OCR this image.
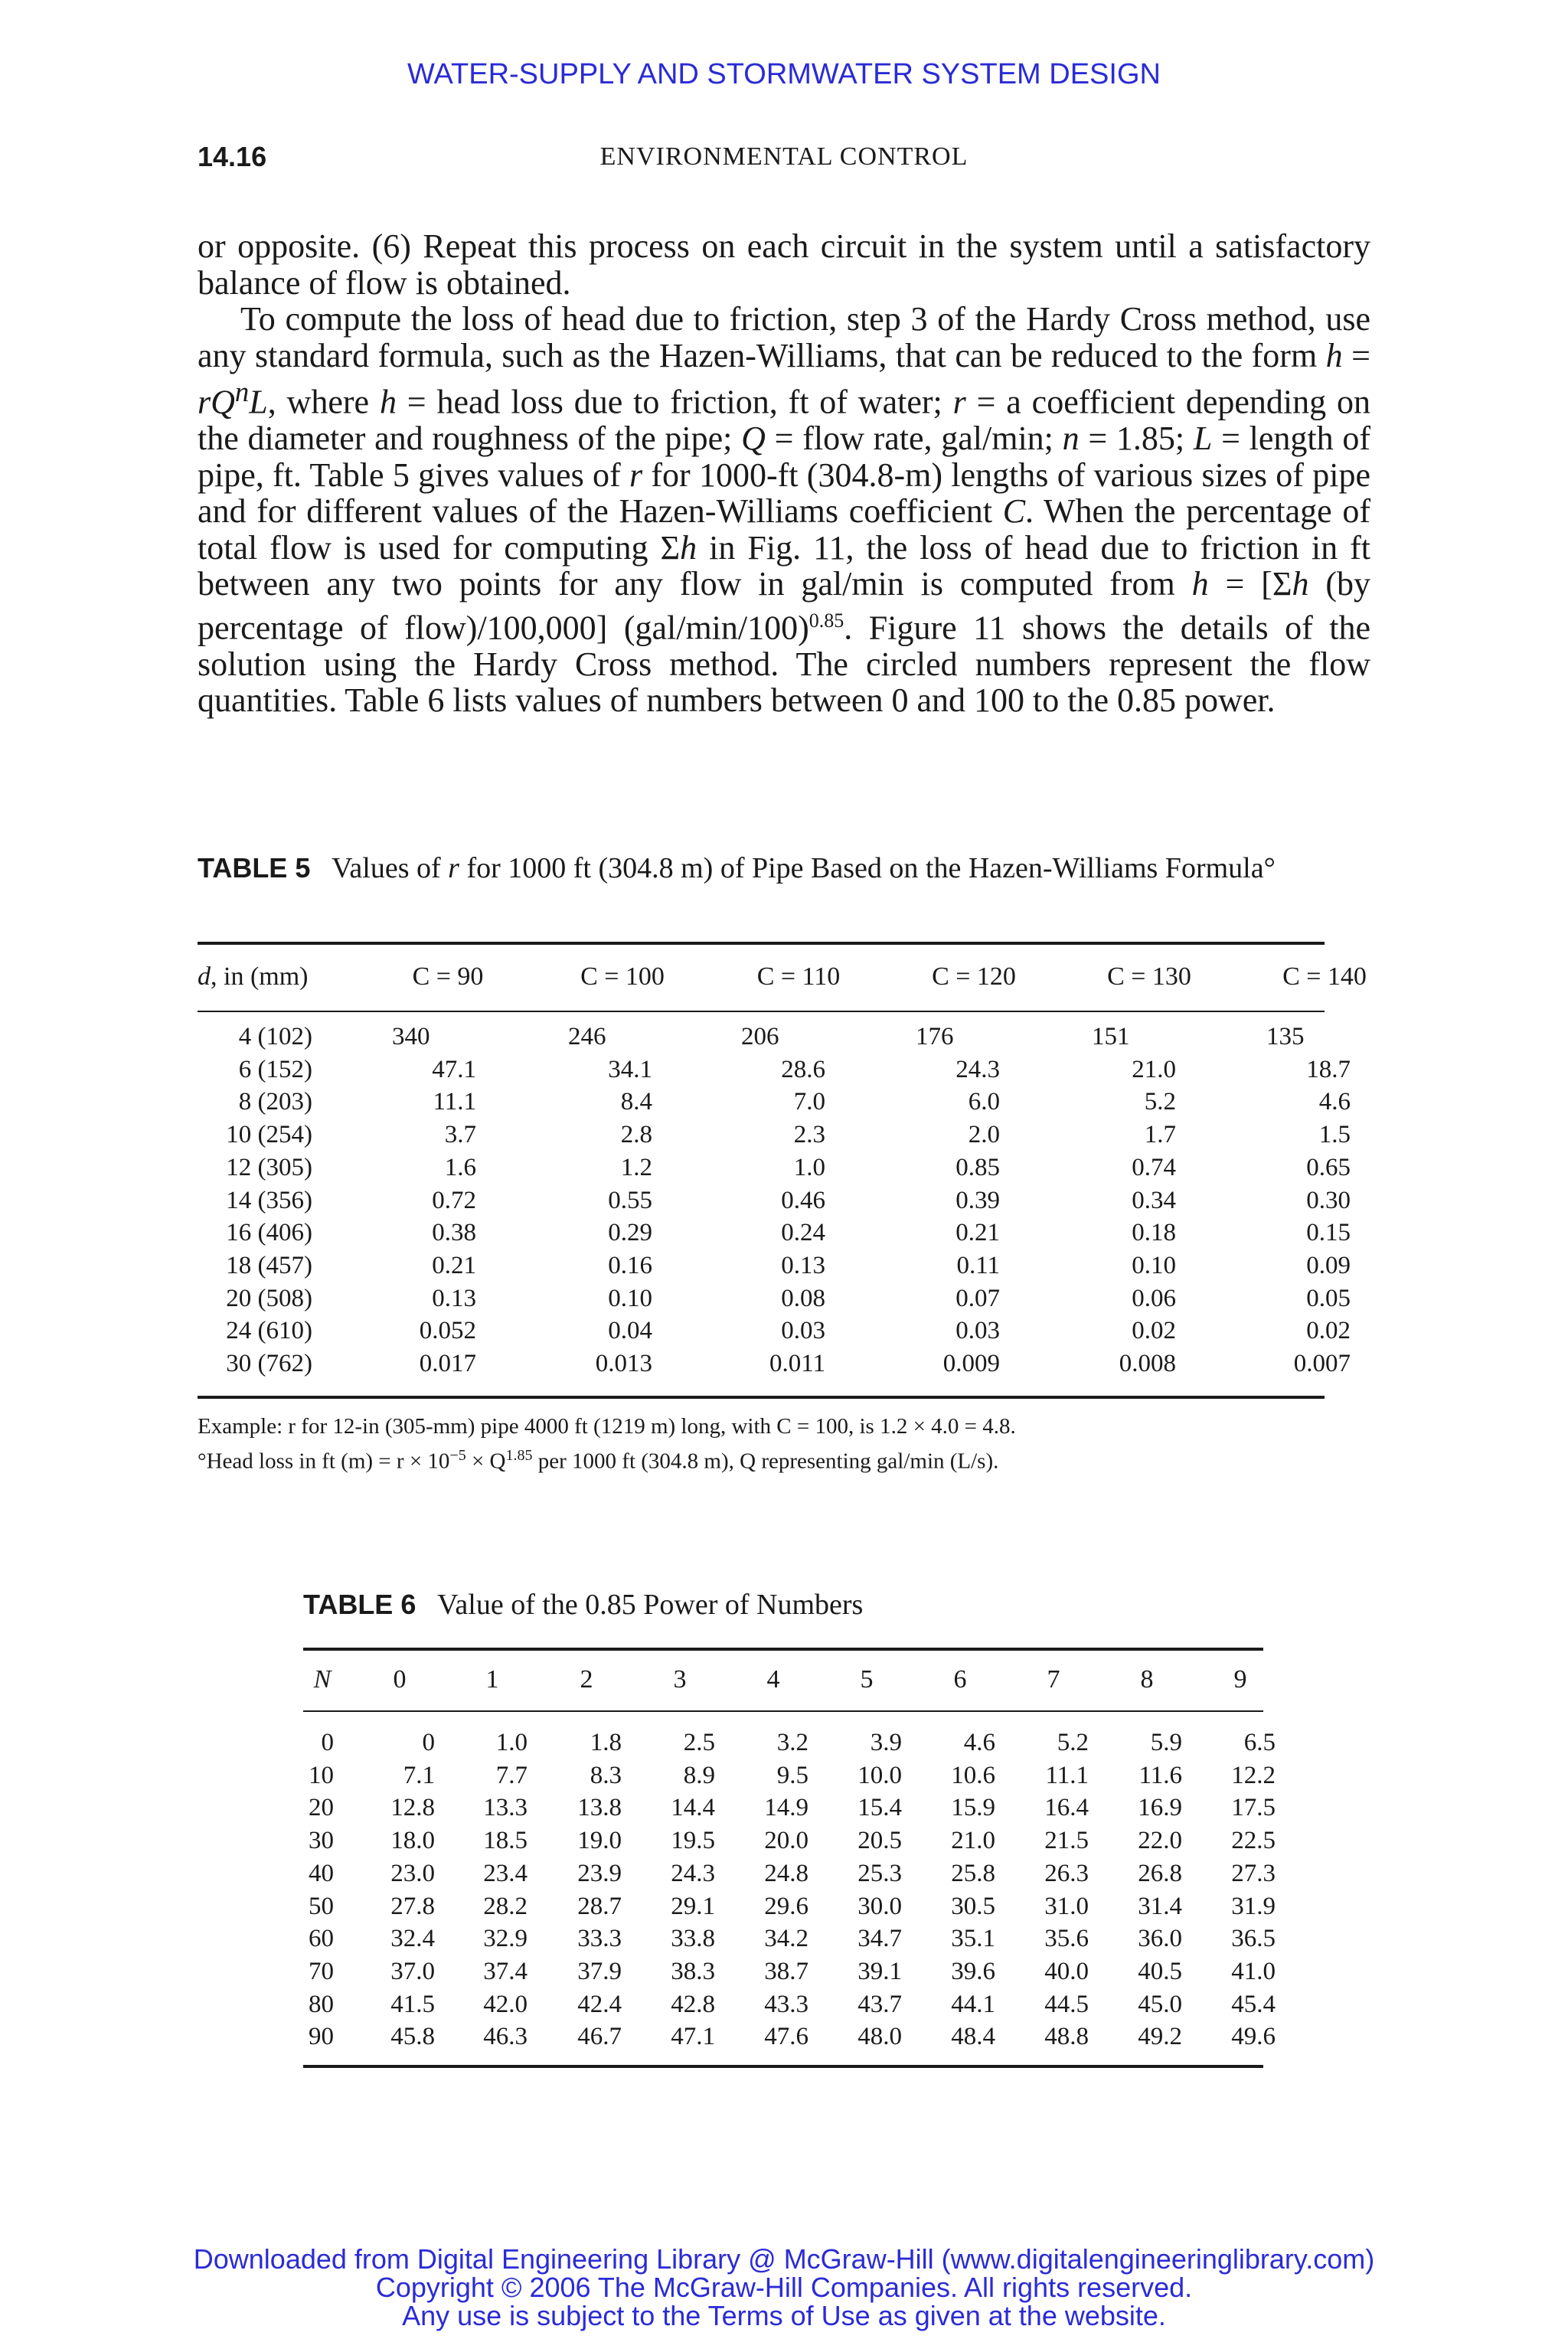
WATER-SUPPLY AND STORMWATER SYSTEM DESIGN
14.16	ENVIRONMENTAL CONTROL

or opposite. (6) Repeat this process on each circuit in the system until a satisfactory balance of flow is obtained.

To compute the loss of head due to friction, step 3 of the Hardy Cross method, use any standard formula, such as the Hazen-Williams, that can be reduced to the form $h = rQ^nL$, where h = head loss due to friction, ft of water; r = a coefficient depending on the diameter and roughness of the pipe; Q = flow rate, gal/min; n = 1.85; L = length of pipe, ft. Table 5 gives values of r for 1000-ft (304.8-m) lengths of various sizes of pipe and for different values of the Hazen-Williams coefficient C. When the percentage of total flow is used for computing Σh in Fig. 11, the loss of head due to friction in ft between any two points for any flow in gal/min is computed from h = [Σh (by percentage of flow)/100,000] $(gal/\min/100)^{0.85}$. Figure 11 shows the details of the solution using the Hardy Cross method. The circled numbers represent the flow quantities. Table 6 lists values of numbers between 0 and 100 to the 0.85 power.

TABLE 5 Values of r for 1000 ft (304.8 m) of Pipe Based on the Hazen-Williams Formula°
d, in (mm)	C = 90	C = 100	C = 110	C = 120	C = 130	C = 140
4 (102)	340	246	206	176	151	135
6 (152)	47.1	34.1	28.6	24.3	21.0	18.7
8 (203)	11.1	8.4	7.0	6.0	5.2	4.6
10 (254)	3.7	2.8	2.3	2.0	1.7	1.5
12 (305)	1.6	1.2	1.0	0.85	0.74	0.65
14 (356)	0.72	0.55	0.46	0.39	0.34	0.30
16 (406)	0.38	0.29	0.24	0.21	0.18	0.15
18 (457)	0.21	0.16	0.13	0.11	0.10	0.09
20 (508)	0.13	0.10	0.08	0.07	0.06	0.05
24 (610)	0.052	0.04	0.03	0.03	0.02	0.02
30 (762)	0.017	0.013	0.011	0.009	0.008	0.007
Example: r for 12-in (305-mm) pipe 4000 ft (1219 m) long, with C = 100, is 1.2 × 4.0 = 4.8.
°Head loss in ft $(m) = r \times 10^{-5} \times Q^{1.85}$ per 1000 ft (304.8 m), Q representing gal/min (L/s).
TABLE 6 Value of the 0.85 Power of Numbers
N	0	1	2	3	4	5	6	7	8	9
0	0	1.0	1.8	2.5	3.2	3.9	4.6	5.2	5.9	6.5
10	7.1	7.7	8.3	8.9	9.5	10.0	10.6	11.1	11.6	12.2
20	12.8	13.3	13.8	14.4	14.9	15.4	15.9	16.4	16.9	17.5
30	18.0	18.5	19.0	19.5	20.0	20.5	21.0	21.5	22.0	22.5
40	23.0	23.4	23.9	24.3	24.8	25.3	25.8	26.3	26.8	27.3
50	27.8	28.2	28.7	29.1	29.6	30.0	30.5	31.0	31.4	31.9
60	32.4	32.9	33.3	33.8	34.2	34.7	35.1	35.6	36.0	36.5
70	37.0	37.4	37.9	38.3	38.7	39.1	39.6	40.0	40.5	41.0
80	41.5	42.0	42.4	42.8	43.3	43.7	44.1	44.5	45.0	45.4
90	45.8	46.3	46.7	47.1	47.6	48.0	48.4	48.8	49.2	49.6
Downloaded from Digital Engineering Library @ McGraw-Hill (www.digitalengineeringlibrary.com)
Copyright © 2006 The McGraw-Hill Companies. All rights reserved.
Any use is subject to the Terms of Use as given at the website.
